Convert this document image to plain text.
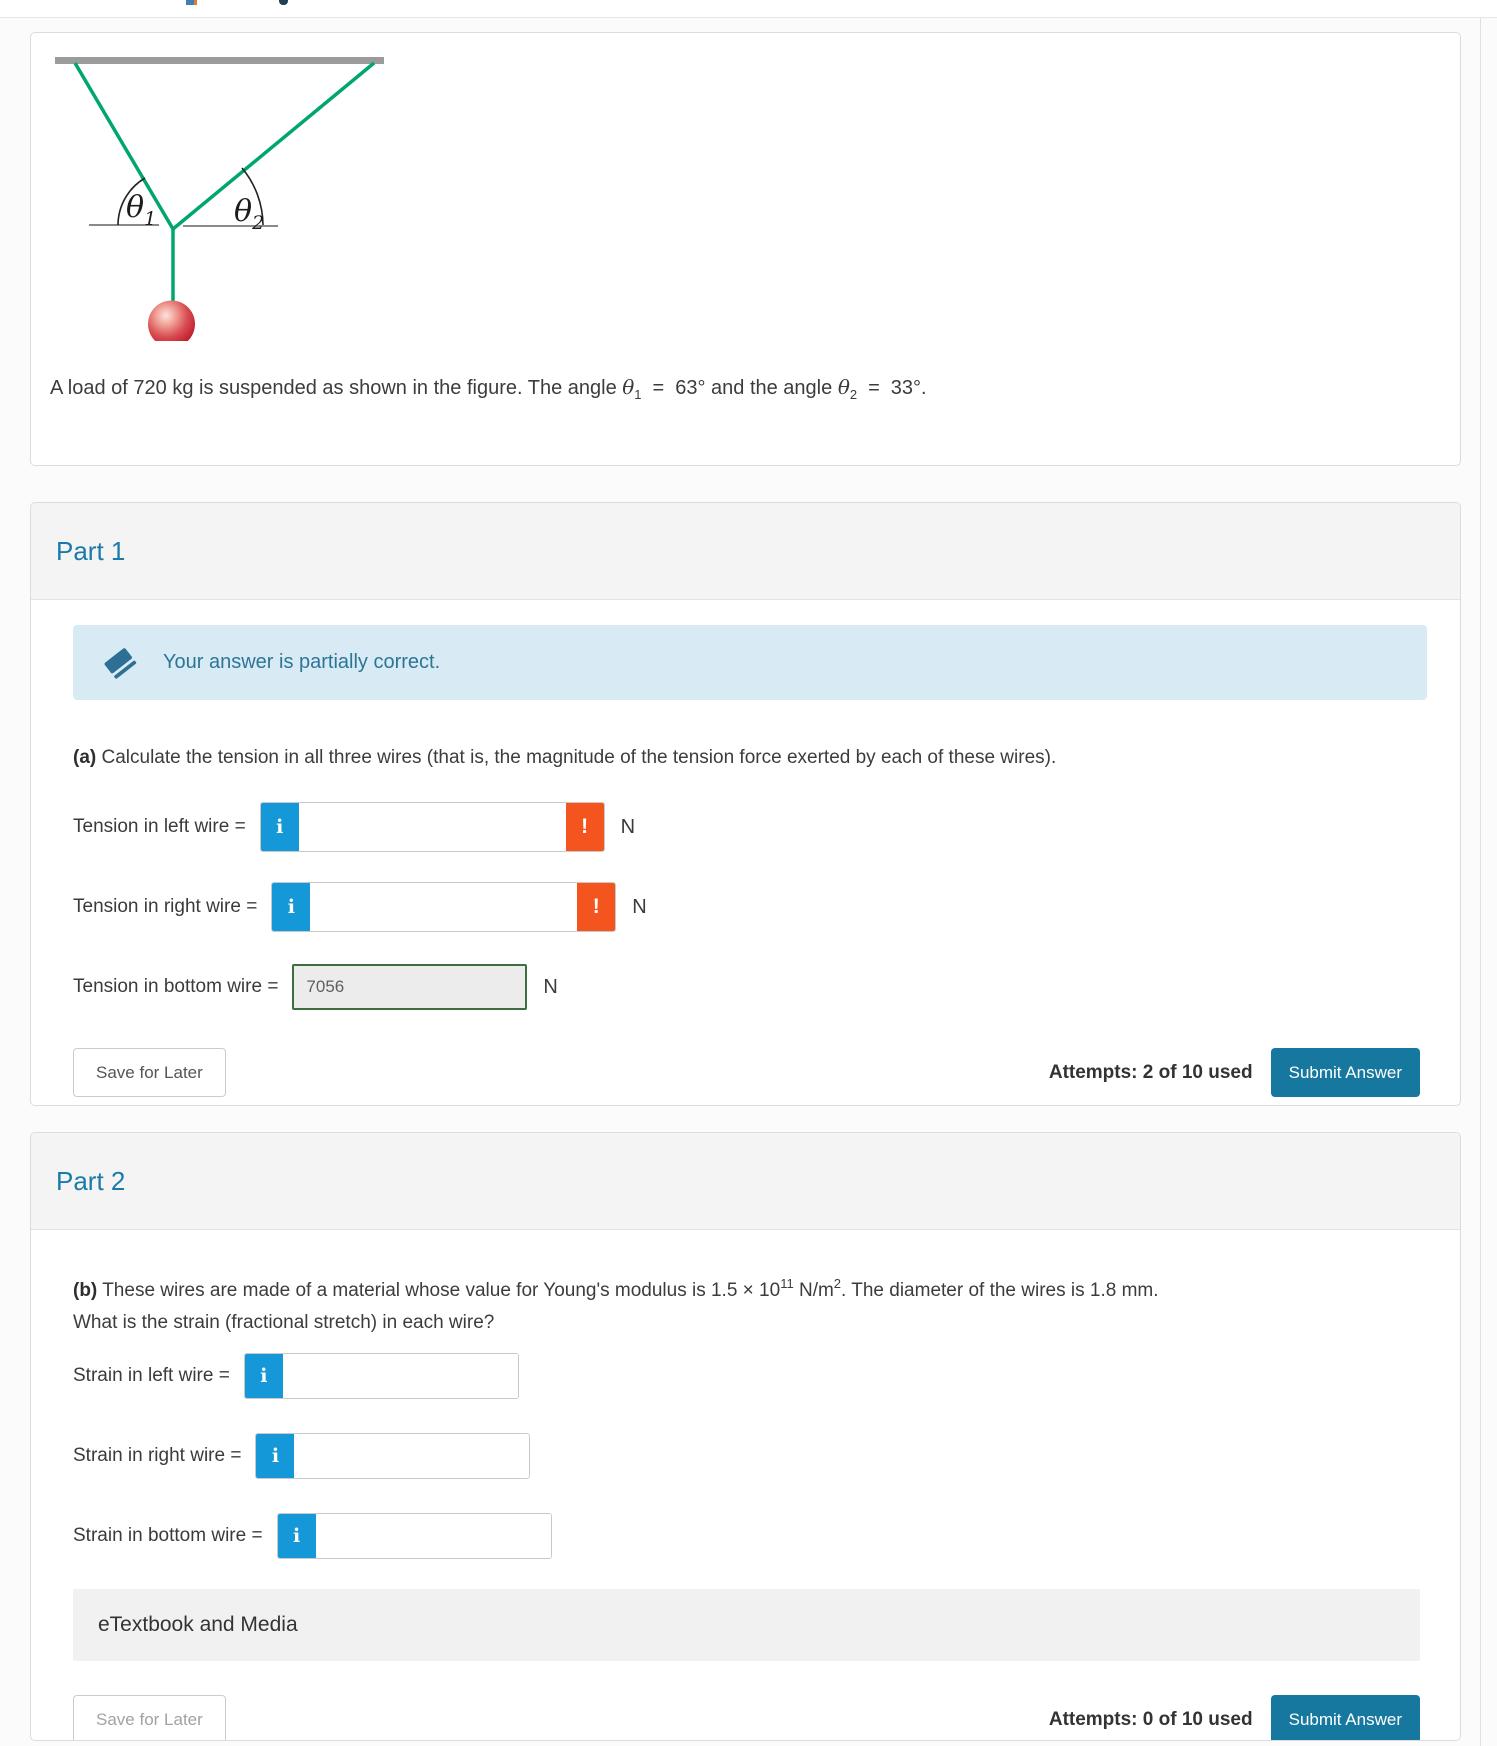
$\theta_1$	$\theta_2$

A load of 720 kg is suspended as shown in the figure. The angle $\theta_1 = 63^\circ$ and the angle $\theta_2 = 33^\circ$.

Part 1
Your answer is partially correct.

(a) Calculate the tension in all three wires (that is, the magnitude of the tension force exerted by each of these wires).

Tension in left wire =	i	!	N
Tension in right wire =	i	!	N
Tension in bottom wire =
7056	N
Save for Later	Attempts: 2 of 10 used	Submit Answer
Part 2

(b) These wires are made of a material whose value for Young's modulus is $1.5 \times 10^{11}$ $N/m^2$. The diameter of the wires is 1.8 mm.
What is the strain (fractional stretch) in each wire?

Strain in left wire =	i
Strain in right wire =	i
Strain in bottom wire =	i
eTextbook and Media
Save for Later	Attempts: 0 of 10 used	Submit Answer
